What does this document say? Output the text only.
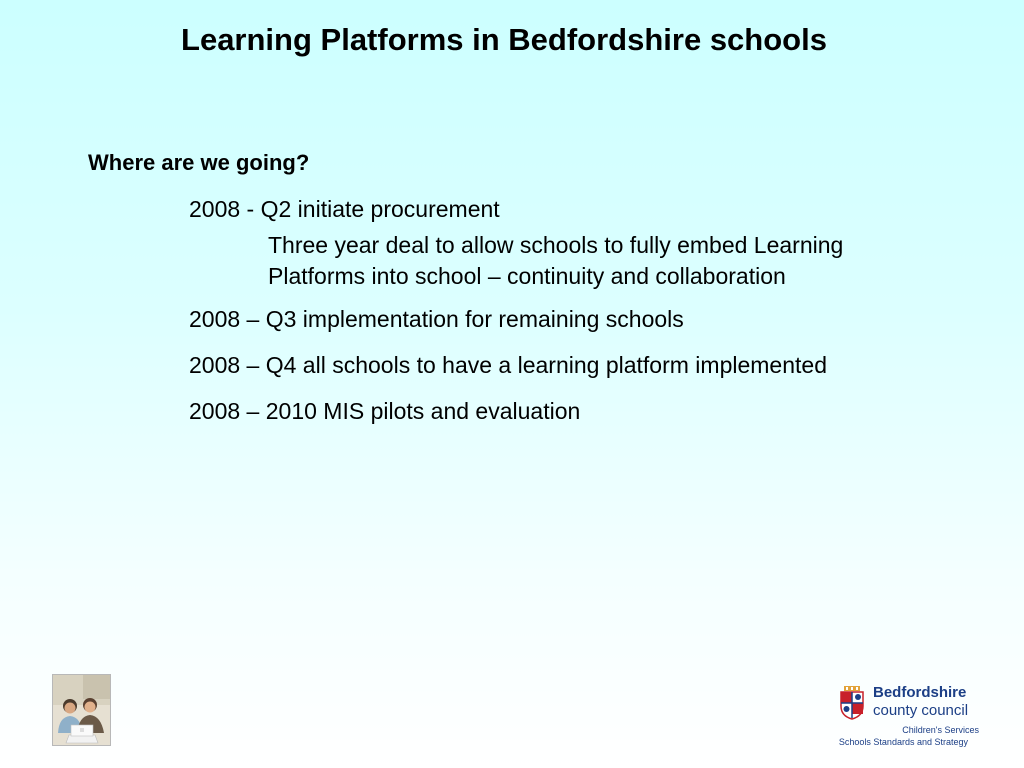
Learning Platforms in Bedfordshire schools
Where are we going?
2008 - Q2 initiate procurement
Three year deal to allow schools to fully embed Learning
Platforms into school – continuity and collaboration
2008 – Q3 implementation for remaining schools
2008 – Q4 all schools to have a learning platform implemented
2008 – 2010 MIS pilots and evaluation
Bedfordshire
county council
Children's Services
Schools Standards and Strategy
